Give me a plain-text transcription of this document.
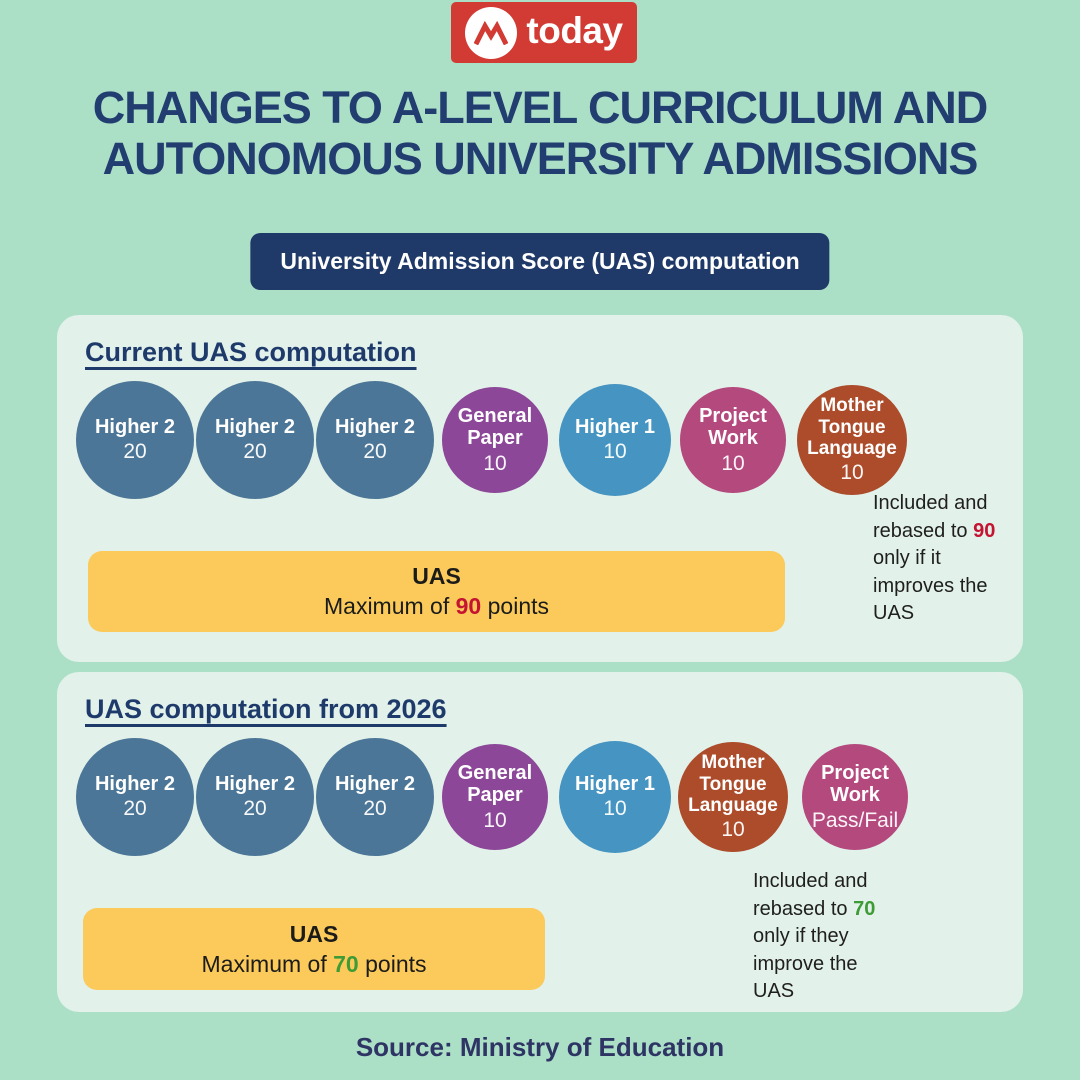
today
CHANGES TO A-LEVEL CURRICULUM AND AUTONOMOUS UNIVERSITY ADMISSIONS
University Admission Score (UAS) computation
Current UAS computation
Higher 2
20
Higher 2
20
Higher 2
20
General Paper
10
Higher 1
10
Project Work
10
Mother Tongue Language
10
UAS
Maximum of 90 points
Included and rebased to 90 only if it improves the UAS
UAS computation from 2026
Higher 2
20
Higher 2
20
Higher 2
20
General Paper
10
Higher 1
10
Mother Tongue Language
10
Project Work
Pass/Fail
UAS
Maximum of 70 points
Included and rebased to 70 only if they improve the UAS
Source: Ministry of Education
